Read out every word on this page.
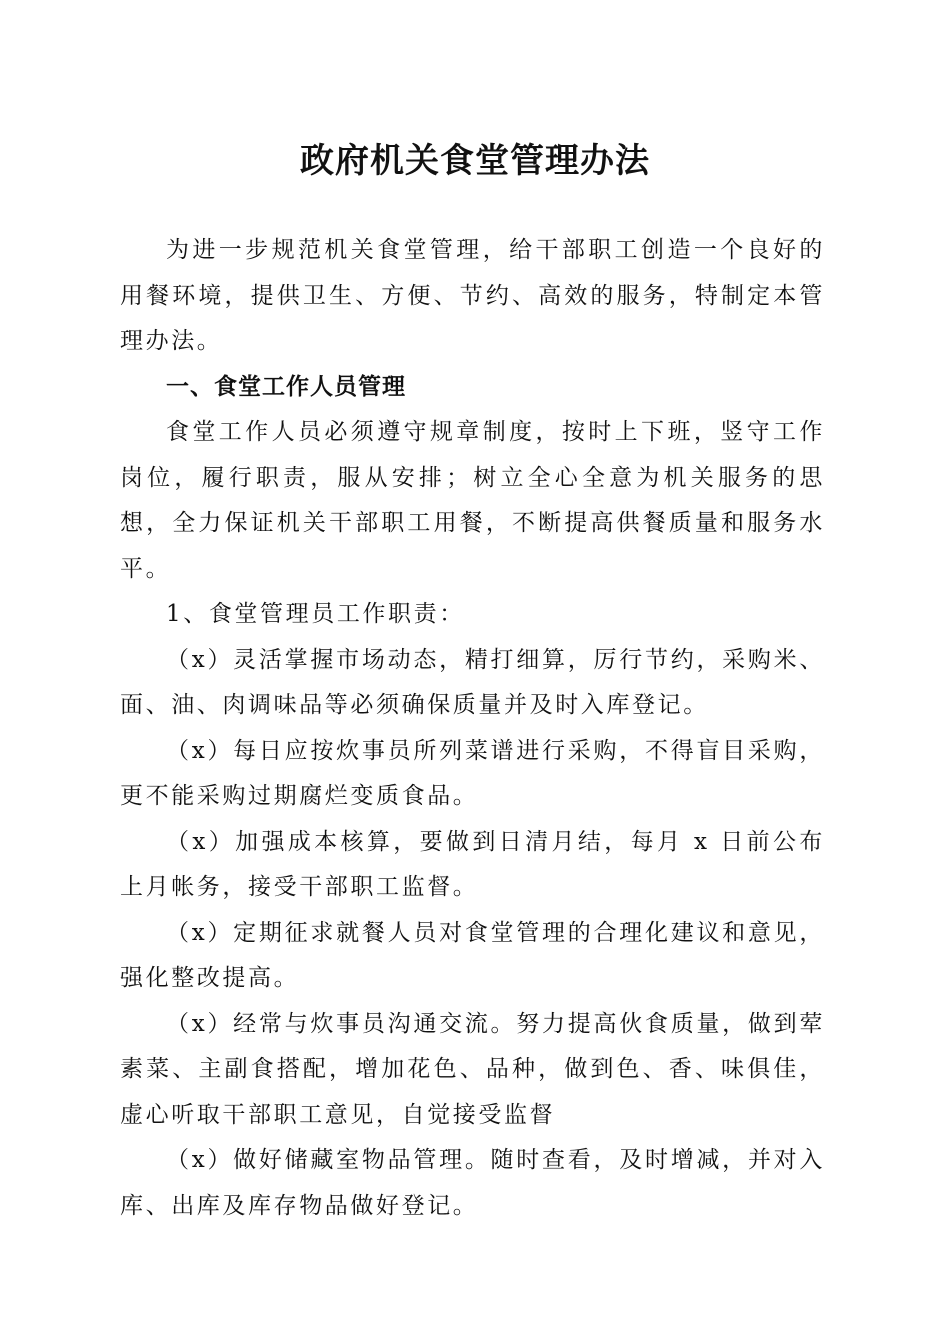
政府机关食堂管理办法

为进一步规范机关食堂管理，给干部职工创造一个良好的用餐环境，提供卫生、方便、节约、高效的服务，特制定本管理办法。

一、食堂工作人员管理

食堂工作人员必须遵守规章制度，按时上下班，竖守工作岗位，履行职责，服从安排；树立全心全意为机关服务的思想，全力保证机关干部职工用餐，不断提高供餐质量和服务水平。

1、食堂管理员工作职责：

（x）灵活掌握市场动态，精打细算，厉行节约，采购米、面、油、肉调味品等必须确保质量并及时入库登记。

（x）每日应按炊事员所列菜谱进行采购，不得盲目采购，更不能采购过期腐烂变质食品。

（x）加强成本核算，要做到日清月结，每月 x 日前公布上月帐务，接受干部职工监督。

（x）定期征求就餐人员对食堂管理的合理化建议和意见，强化整改提高。

（x）经常与炊事员沟通交流。努力提高伙食质量，做到荤素菜、主副食搭配，增加花色、品种，做到色、香、味俱佳，虚心听取干部职工意见，自觉接受监督

（x）做好储藏室物品管理。随时查看，及时增减，并对入库、出库及库存物品做好登记。
